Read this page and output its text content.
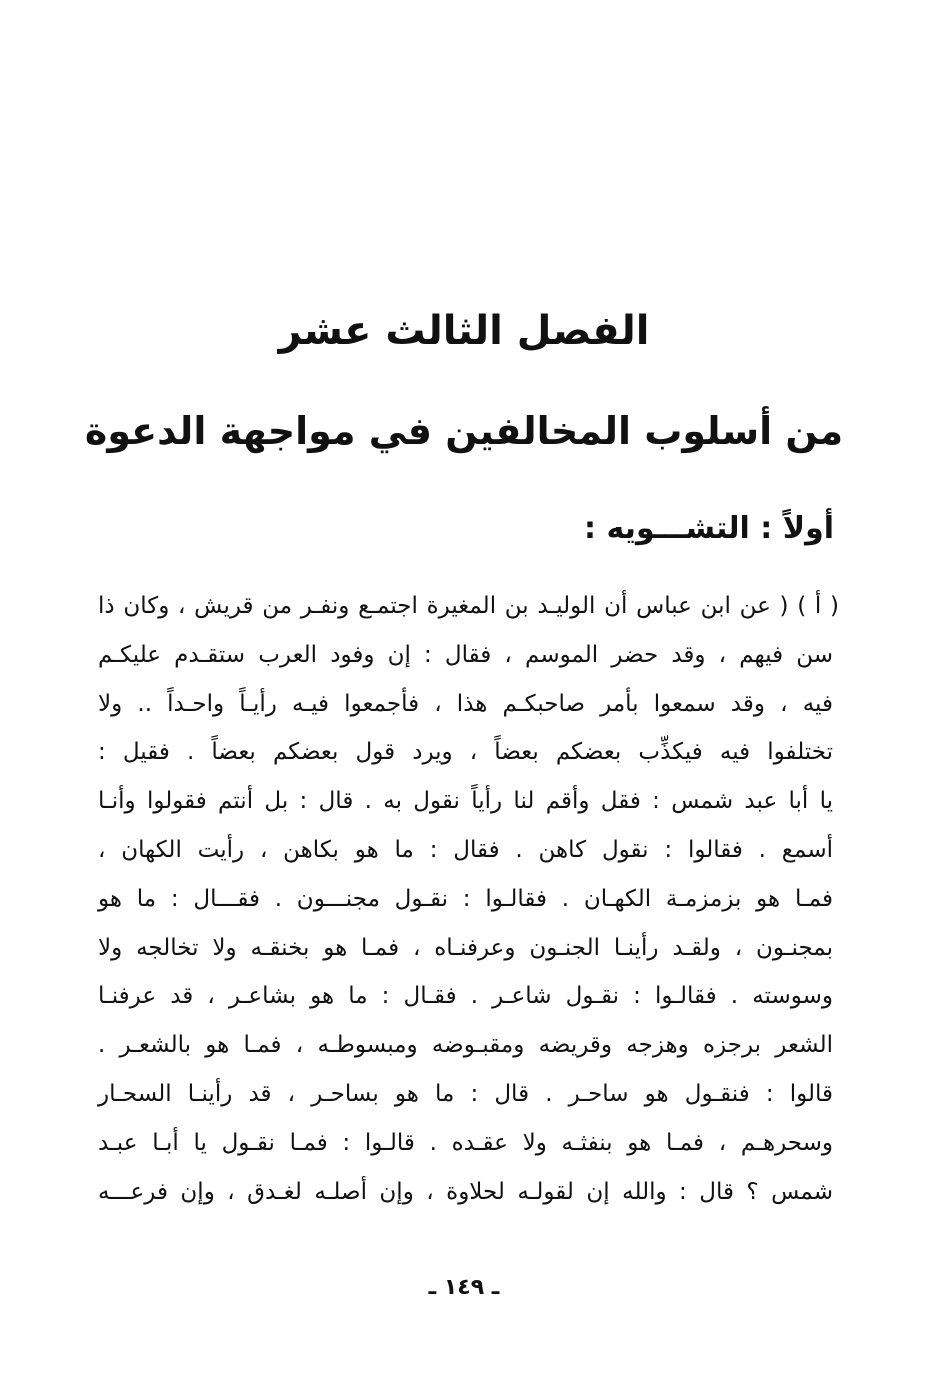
الفصل الثالث عشر
من أسلوب المخالفين في مواجهة الدعوة
أولاً : التشـــويه :
( أ ) ( عن ابن عباس أن الوليـد بن المغيرة اجتمـع ونفـر من قريش ، وكان ذا
سن فيهم ، وقد حضر الموسم ، فقال : إن وفود العرب ستقـدم عليكـم
فيه ، وقد سمعوا بأمر صاحبكـم هذا ، فأجمعوا فيـه رأيـاً واحـداً .. ولا
تختلفوا فيه فيكذِّب بعضكم بعضاً ، ويرد قول بعضكم بعضاً . فقيل :
يا أبا عبد شمس : فقل وأقم لنا رأياً نقول به . قال : بل أنتم فقولوا وأنـا
أسمع . فقالوا : نقول كاهن . فقال : ما هو بكاهن ، رأيت الكهان ،
فمـا هو بزمزمـة الكهـان . فقالـوا : نقـول مجنـــون . فقـــال : ما هو
بمجنـون ، ولقـد رأينـا الجنـون وعرفنـاه ، فمـا هو بخنقـه ولا تخالجه ولا
وسوسته . فقالـوا : نقـول شاعـر . فقـال : ما هو بشاعـر ، قد عرفنـا
الشعر برجزه وهزجه وقريضه ومقبـوضه ومبسوطـه ، فمـا هو بالشعـر .
قالوا : فنقـول هو ساحـر . قال : ما هو بساحـر ، قد رأينـا السحـار
وسحرهـم ، فمـا هو بنفثـه ولا عقـده . قالـوا : فمـا نقـول يا أبـا عبـد
شمس ؟ قال : والله إن لقولـه لحلاوة ، وإن أصلـه لغـدق ، وإن فرعـــه
ـ ١٤٩ ـ
